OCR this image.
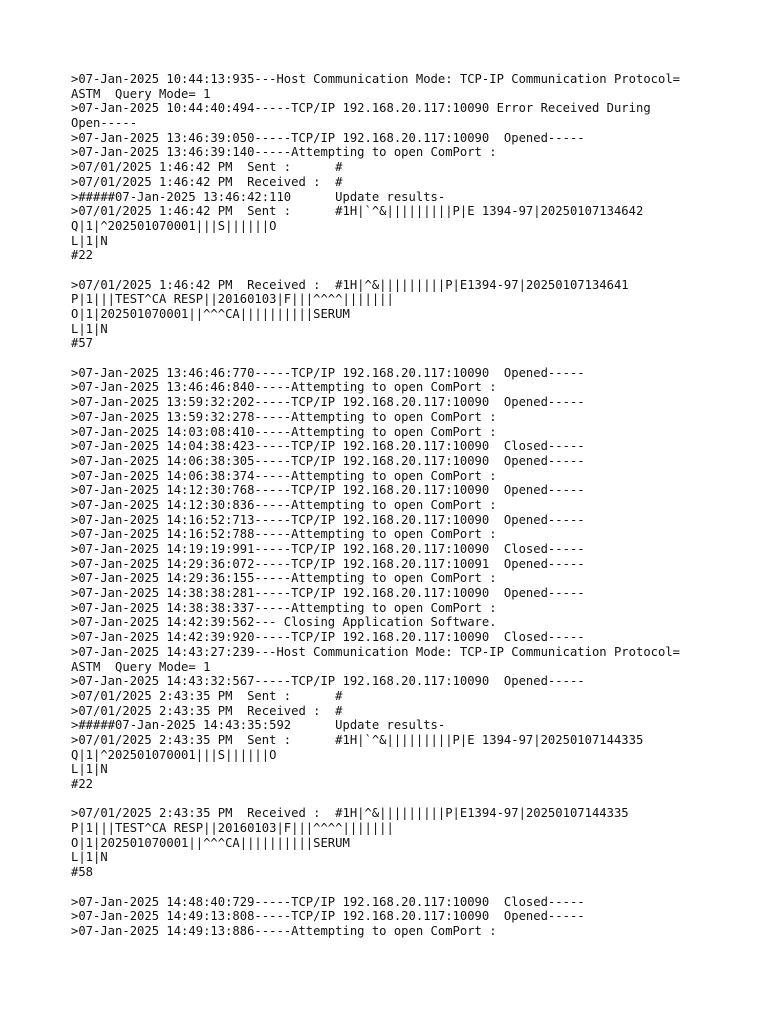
>07-Jan-2025 10:44:13:935---Host Communication Mode: TCP-IP Communication Protocol=
ASTM  Query Mode= 1
>07-Jan-2025 10:44:40:494-----TCP/IP 192.168.20.117:10090 Error Received During
Open-----
>07-Jan-2025 13:46:39:050-----TCP/IP 192.168.20.117:10090  Opened-----
>07-Jan-2025 13:46:39:140-----Attempting to open ComPort :
>07/01/2025 1:46:42 PM  Sent :      #
>07/01/2025 1:46:42 PM  Received :  #
>#####07-Jan-2025 13:46:42:110      Update results-
>07/01/2025 1:46:42 PM  Sent :      #1H|`^&|||||||||P|E 1394-97|20250107134642
Q|1|^202501070001|||S||||||O
L|1|N
#22
>07/01/2025 1:46:42 PM  Received :  #1H|^&|||||||||P|E1394-97|20250107134641
P|1|||TEST^CA RESP||20160103|F|||^^^^|||||||
O|1|202501070001||^^^CA||||||||||SERUM
L|1|N
#57
>07-Jan-2025 13:46:46:770-----TCP/IP 192.168.20.117:10090  Opened-----
>07-Jan-2025 13:46:46:840-----Attempting to open ComPort :
>07-Jan-2025 13:59:32:202-----TCP/IP 192.168.20.117:10090  Opened-----
>07-Jan-2025 13:59:32:278-----Attempting to open ComPort :
>07-Jan-2025 14:03:08:410-----Attempting to open ComPort :
>07-Jan-2025 14:04:38:423-----TCP/IP 192.168.20.117:10090  Closed-----
>07-Jan-2025 14:06:38:305-----TCP/IP 192.168.20.117:10090  Opened-----
>07-Jan-2025 14:06:38:374-----Attempting to open ComPort :
>07-Jan-2025 14:12:30:768-----TCP/IP 192.168.20.117:10090  Opened-----
>07-Jan-2025 14:12:30:836-----Attempting to open ComPort :
>07-Jan-2025 14:16:52:713-----TCP/IP 192.168.20.117:10090  Opened-----
>07-Jan-2025 14:16:52:788-----Attempting to open ComPort :
>07-Jan-2025 14:19:19:991-----TCP/IP 192.168.20.117:10090  Closed-----
>07-Jan-2025 14:29:36:072-----TCP/IP 192.168.20.117:10091  Opened-----
>07-Jan-2025 14:29:36:155-----Attempting to open ComPort :
>07-Jan-2025 14:38:38:281-----TCP/IP 192.168.20.117:10090  Opened-----
>07-Jan-2025 14:38:38:337-----Attempting to open ComPort :
>07-Jan-2025 14:42:39:562--- Closing Application Software.
>07-Jan-2025 14:42:39:920-----TCP/IP 192.168.20.117:10090  Closed-----
>07-Jan-2025 14:43:27:239---Host Communication Mode: TCP-IP Communication Protocol=
ASTM  Query Mode= 1
>07-Jan-2025 14:43:32:567-----TCP/IP 192.168.20.117:10090  Opened-----
>07/01/2025 2:43:35 PM  Sent :      #
>07/01/2025 2:43:35 PM  Received :  #
>#####07-Jan-2025 14:43:35:592      Update results-
>07/01/2025 2:43:35 PM  Sent :      #1H|`^&|||||||||P|E 1394-97|20250107144335
Q|1|^202501070001|||S||||||O
L|1|N
#22
>07/01/2025 2:43:35 PM  Received :  #1H|^&|||||||||P|E1394-97|20250107144335
P|1|||TEST^CA RESP||20160103|F|||^^^^|||||||
O|1|202501070001||^^^CA||||||||||SERUM
L|1|N
#58
>07-Jan-2025 14:48:40:729-----TCP/IP 192.168.20.117:10090  Closed-----
>07-Jan-2025 14:49:13:808-----TCP/IP 192.168.20.117:10090  Opened-----
>07-Jan-2025 14:49:13:886-----Attempting to open ComPort :
